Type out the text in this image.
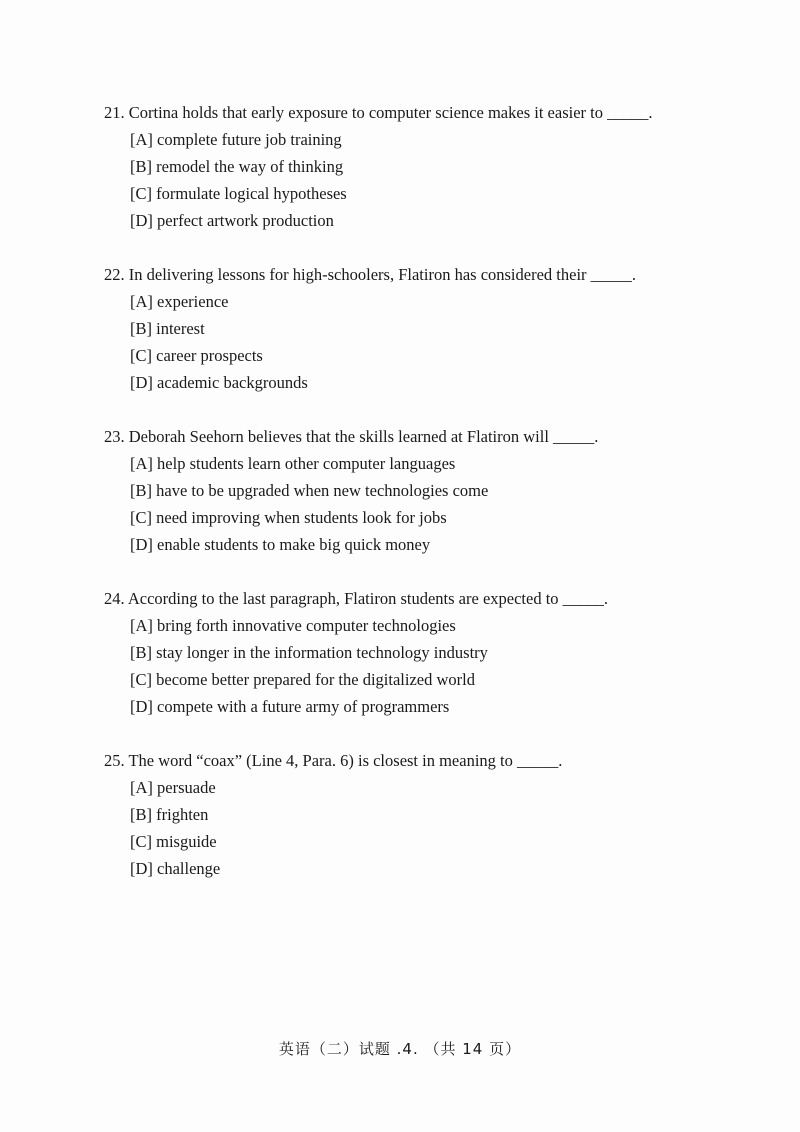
21. Cortina holds that early exposure to computer science makes it easier to _____.
[A] complete future job training
[B] remodel the way of thinking
[C] formulate logical hypotheses
[D] perfect artwork production
22. In delivering lessons for high-schoolers, Flatiron has considered their _____.
[A] experience
[B] interest
[C] career prospects
[D] academic backgrounds
23. Deborah Seehorn believes that the skills learned at Flatiron will _____.
[A] help students learn other computer languages
[B] have to be upgraded when new technologies come
[C] need improving when students look for jobs
[D] enable students to make big quick money
24. According to the last paragraph, Flatiron students are expected to _____.
[A] bring forth innovative computer technologies
[B] stay longer in the information technology industry
[C] become better prepared for the digitalized world
[D] compete with a future army of programmers
25. The word “coax” (Line 4, Para. 6) is closest in meaning to _____.
[A] persuade
[B] frighten
[C] misguide
[D] challenge
英语（二）试题 .4. （共 14 页）
